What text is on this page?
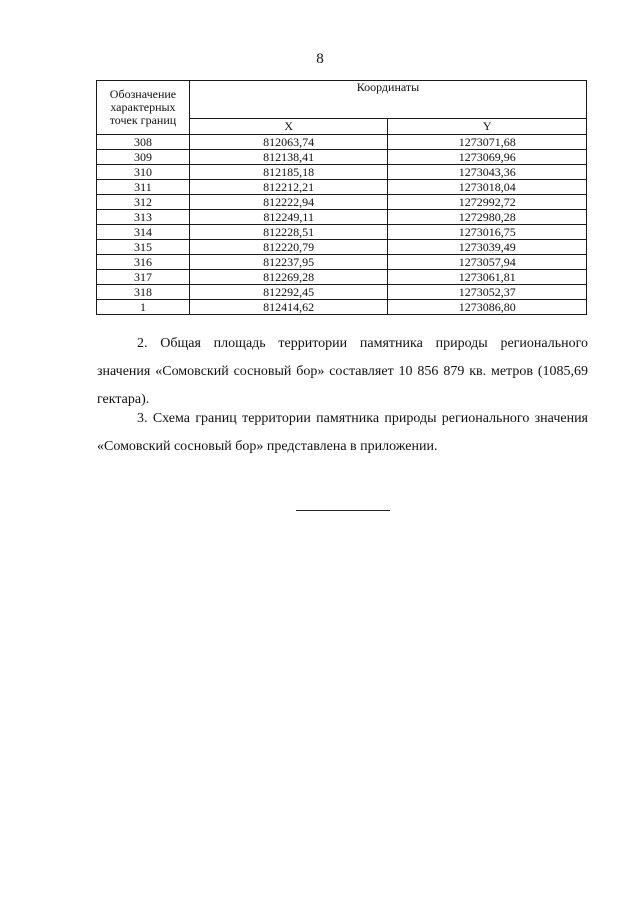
8
Обозначение
характерных
точек границ	Координаты	
	X	Y
308	812063,74	1273071,68
309	812138,41	1273069,96
310	812185,18	1273043,36
311	812212,21	1273018,04
312	812222,94	1272992,72
313	812249,11	1272980,28
314	812228,51	1273016,75
315	812220,79	1273039,49
316	812237,95	1273057,94
317	812269,28	1273061,81
318	812292,45	1273052,37
1	812414,62	1273086,80

2. Общая площадь территории памятника природы регионального значения «Сомовский сосновый бор» составляет 10 856 879 кв. метров (1085,69 гектара).

3. Схема границ территории памятника природы регионального значения «Сомовский сосновый бор» представлена в приложении.
